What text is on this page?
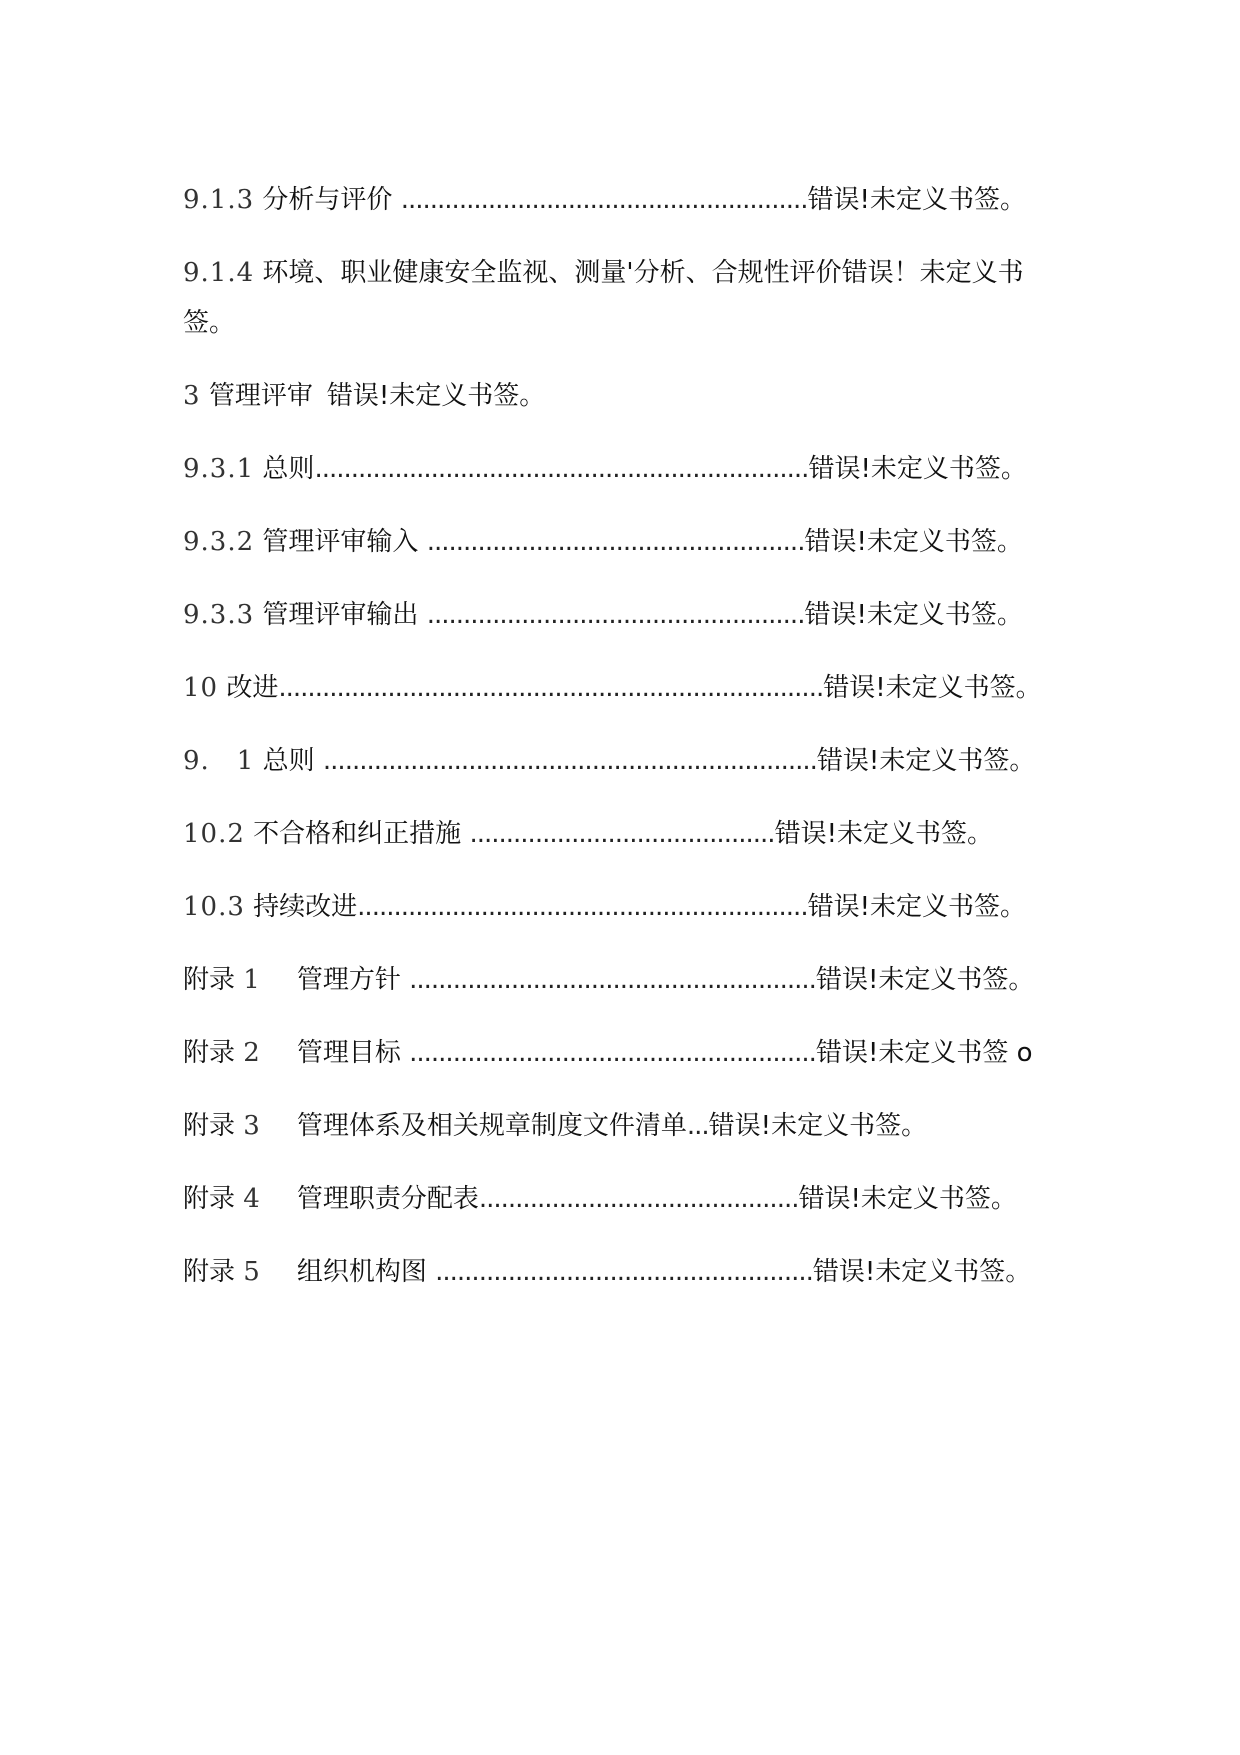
9.1.3 分析与评价 ........................................................错误!未定义书签。
9.1.4 环境、职业健康安全监视、测量'分析、合规性评价错误！未定义书签。
3 管理评审 错误!未定义书签。
9.3.1 总则....................................................................错误!未定义书签。
9.3.2 管理评审输入 ....................................................错误!未定义书签。
9.3.3 管理评审输出 ....................................................错误!未定义书签。
10 改进...........................................................................错误!未定义书签。
9.　1 总则 ....................................................................错误!未定义书签。
10.2 不合格和纠正措施 ..........................................错误!未定义书签。
10.3 持续改进..............................................................错误!未定义书签。
附录 1 管理方针 ........................................................错误!未定义书签。
附录 2 管理目标 ........................................................错误!未定义书签 o
附录 3 管理体系及相关规章制度文件清单...错误!未定义书签。
附录 4 管理职责分配表............................................错误!未定义书签。
附录 5 组织机构图 ....................................................错误!未定义书签。
